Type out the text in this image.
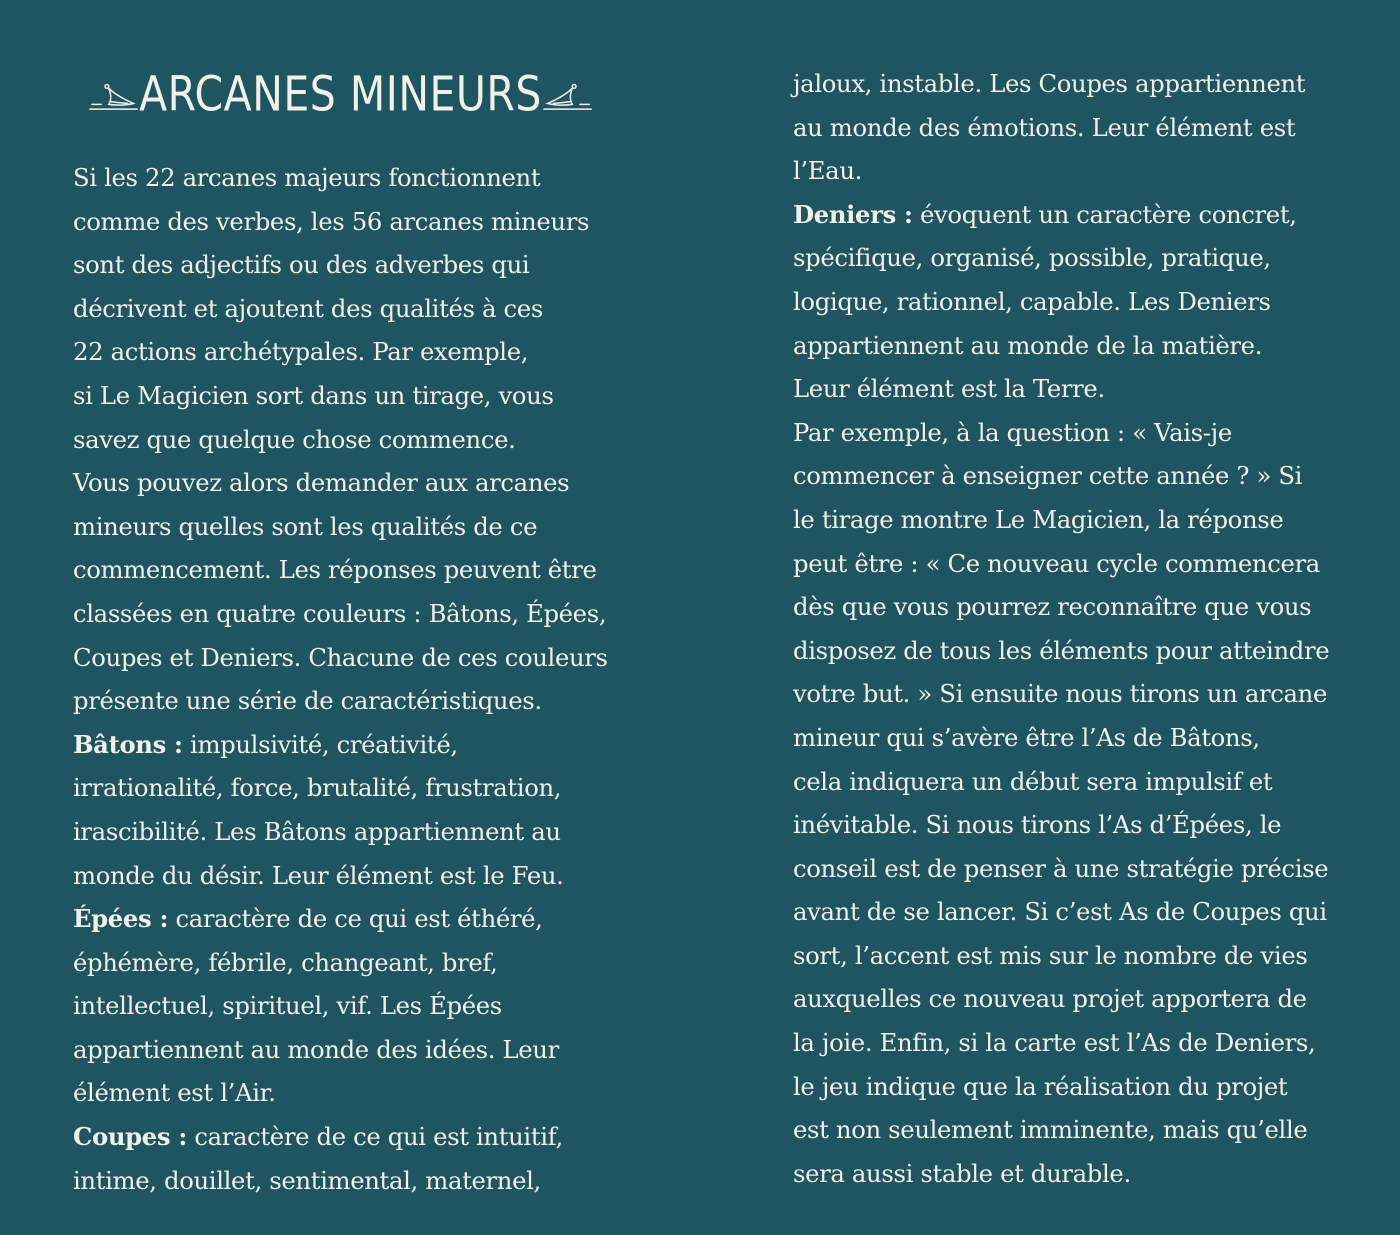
ARCANES MINEURS
Si les 22 arcanes majeurs fonctionnent
comme des verbes, les 56 arcanes mineurs
sont des adjectifs ou des adverbes qui
décrivent et ajoutent des qualités à ces
22 actions archétypales. Par exemple,
si Le Magicien sort dans un tirage, vous
savez que quelque chose commence.
Vous pouvez alors demander aux arcanes
mineurs quelles sont les qualités de ce
commencement. Les réponses peuvent être
classées en quatre couleurs : Bâtons, Épées,
Coupes et Deniers. Chacune de ces couleurs
présente une série de caractéristiques.
Bâtons : impulsivité, créativité,
irrationalité, force, brutalité, frustration,
irascibilité. Les Bâtons appartiennent au
monde du désir. Leur élément est le Feu.
Épées : caractère de ce qui est éthéré,
éphémère, fébrile, changeant, bref,
intellectuel, spirituel, vif. Les Épées
appartiennent au monde des idées. Leur
élément est l’Air.
Coupes : caractère de ce qui est intuitif,
intime, douillet, sentimental, maternel,
jaloux, instable. Les Coupes appartiennent
au monde des émotions. Leur élément est
l’Eau.
Deniers : évoquent un caractère concret,
spécifique, organisé, possible, pratique,
logique, rationnel, capable. Les Deniers
appartiennent au monde de la matière.
Leur élément est la Terre.
Par exemple, à la question : « Vais-je
commencer à enseigner cette année ? » Si
le tirage montre Le Magicien, la réponse
peut être : « Ce nouveau cycle commencera
dès que vous pourrez reconnaître que vous
disposez de tous les éléments pour atteindre
votre but. » Si ensuite nous tirons un arcane
mineur qui s’avère être l’As de Bâtons,
cela indiquera un début sera impulsif et
inévitable. Si nous tirons l’As d’Épées, le
conseil est de penser à une stratégie précise
avant de se lancer. Si c’est As de Coupes qui
sort, l’accent est mis sur le nombre de vies
auxquelles ce nouveau projet apportera de
la joie. Enfin, si la carte est l’As de Deniers,
le jeu indique que la réalisation du projet
est non seulement imminente, mais qu’elle
sera aussi stable et durable.
